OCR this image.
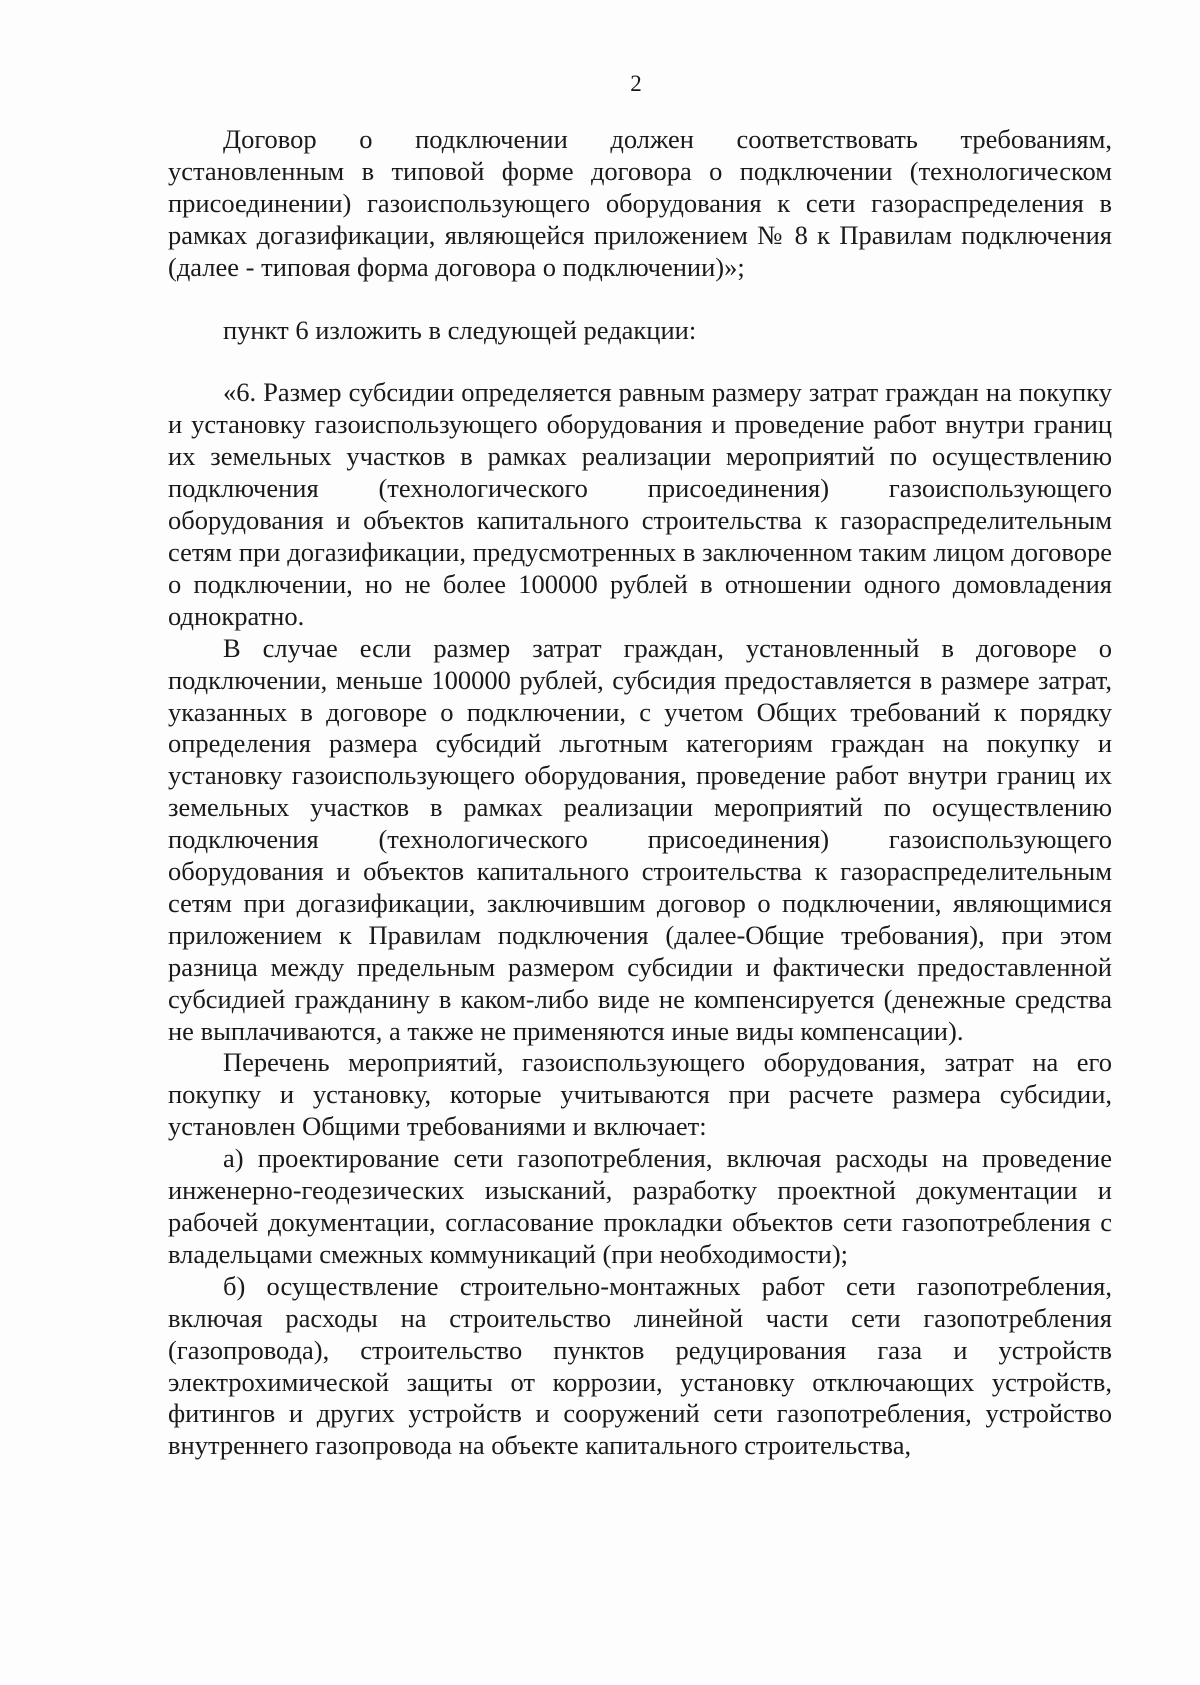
2

Договор о подключении должен соответствовать требованиям, установленным в типовой форме договора о подключении (технологическом присоединении) газоиспользующего оборудования к сети газораспределения в рамках догазификации, являющейся приложением № 8 к Правилам подключения (далее - типовая форма договора о подключении)»;

пункт 6 изложить в следующей редакции:

«6. Размер субсидии определяется равным размеру затрат граждан на покупку и установку газоиспользующего оборудования и проведение работ внутри границ их земельных участков в рамках реализации мероприятий по осуществлению подключения (технологического присоединения) газоиспользующего оборудования и объектов капитального строительства к газораспределительным сетям при догазификации, предусмотренных в заключенном таким лицом договоре о подключении, но не более 100000 рублей в отношении одного домовладения однократно.

В случае если размер затрат граждан, установленный в договоре о подключении, меньше 100000 рублей, субсидия предоставляется в размере затрат, указанных в договоре о подключении, с учетом Общих требований к порядку определения размера субсидий льготным категориям граждан на покупку и установку газоиспользующего оборудования, проведение работ внутри границ их земельных участков в рамках реализации мероприятий по осуществлению подключения (технологического присоединения) газоиспользующего оборудования и объектов капитального строительства к газораспределительным сетям при догазификации, заключившим договор о подключении, являющимися приложением к Правилам подключения (далее-Общие требования), при этом разница между предельным размером субсидии и фактически предоставленной субсидией гражданину в каком-либо виде не компенсируется (денежные средства не выплачиваются, а также не применяются иные виды компенсации).

Перечень мероприятий, газоиспользующего оборудования, затрат на его покупку и установку, которые учитываются при расчете размера субсидии, установлен Общими требованиями и включает:

а) проектирование сети газопотребления, включая расходы на проведение инженерно-геодезических изысканий, разработку проектной документации и рабочей документации, согласование прокладки объектов сети газопотребления с владельцами смежных коммуникаций (при необходимости);

б) осуществление строительно-монтажных работ сети газопотребления, включая расходы на строительство линейной части сети газопотребления (газопровода), строительство пунктов редуцирования газа и устройств электрохимической защиты от коррозии, установку отключающих устройств, фитингов и других устройств и сооружений сети газопотребления, устройство внутреннего газопровода на объекте капитального строительства,
